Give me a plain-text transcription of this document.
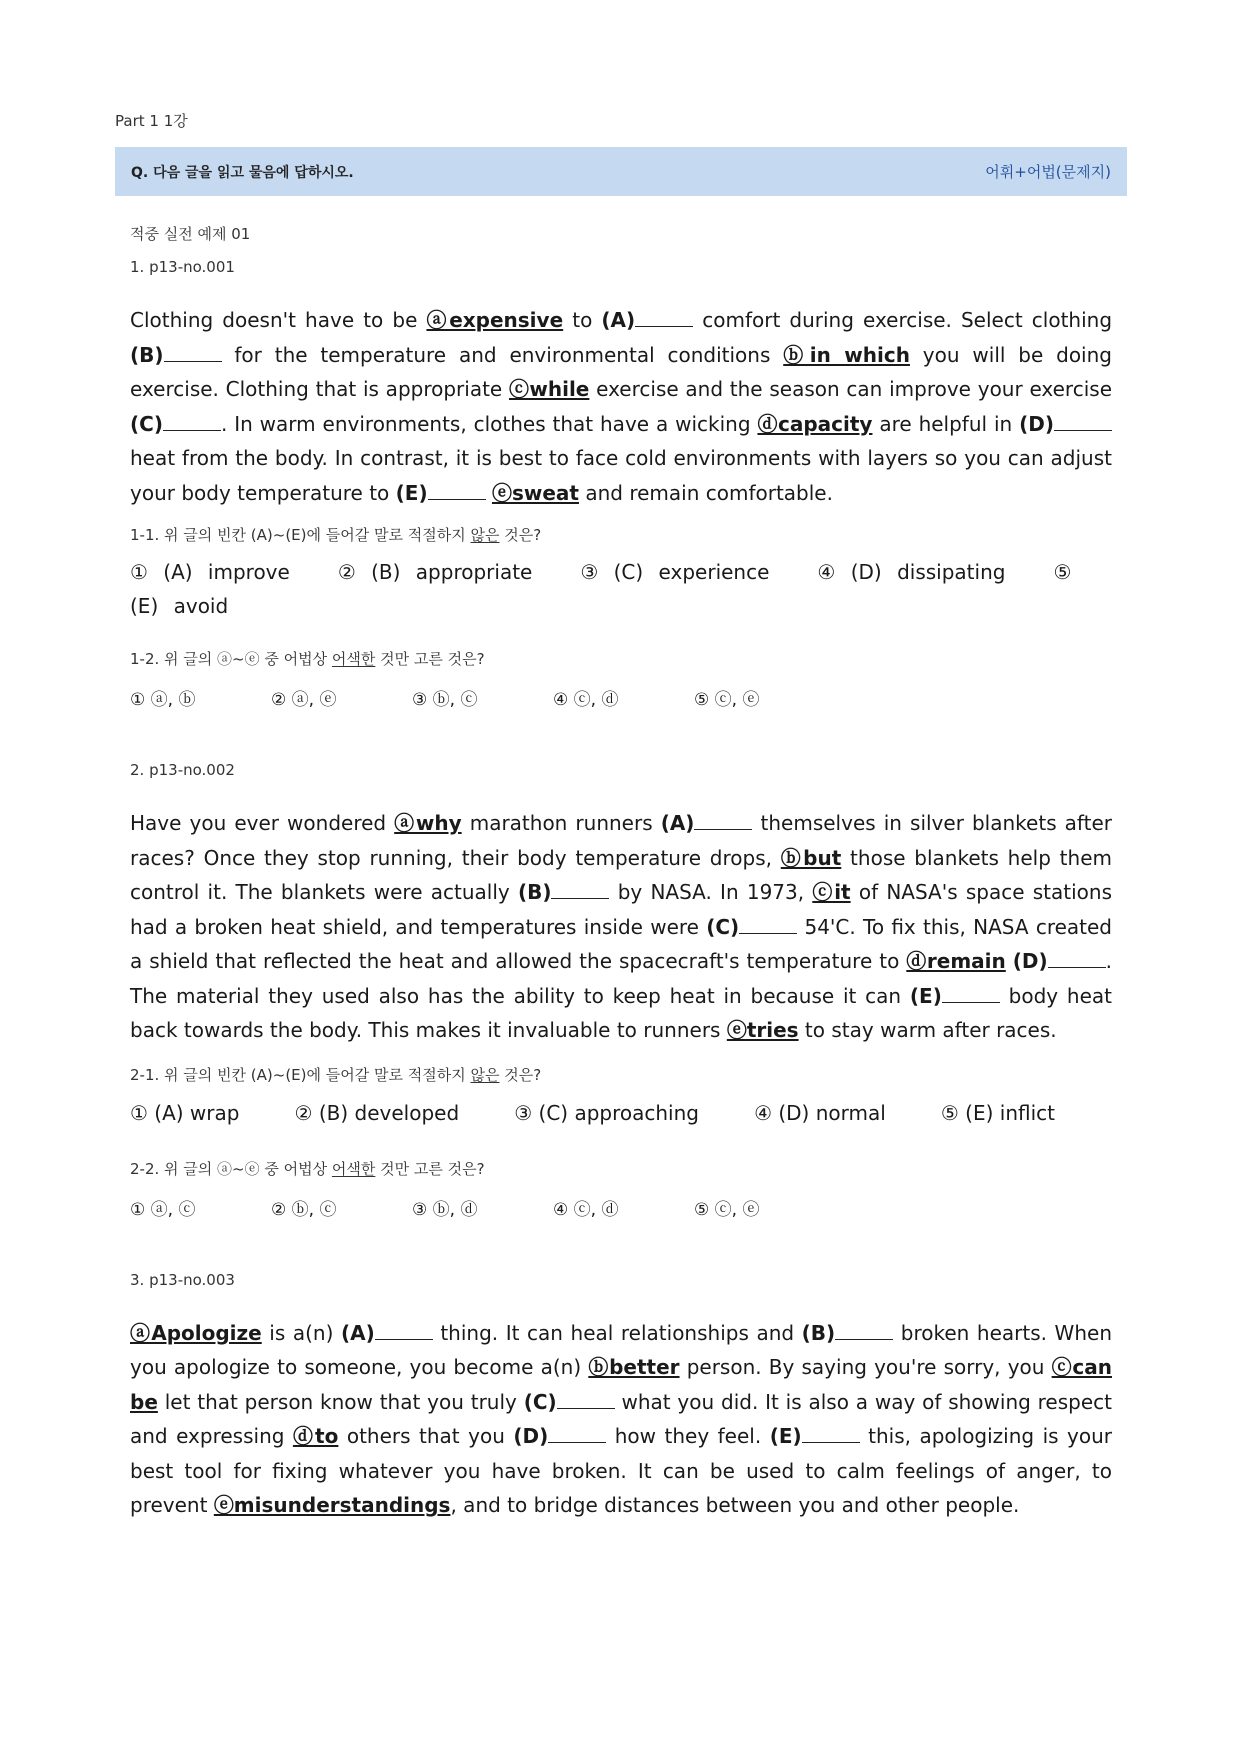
Part 1 1강
Q. 다음 글을 읽고 물음에 답하시오.	어휘+어법(문제지)

적중 실전 예제 01

1. p13-no.001

Clothing doesn't have to be ⓐexpensive to (A)	comfort during exercise. Select clothing (B)	for the temperature and environmental conditions ⓑin which you will be doing exercise. Clothing that is appropriate ⓒwhile exercise and the season can improve your exercise (C)	. In warm environments, clothes that have a wicking ⓓcapacity are helpful in (D) heat from the body. In contrast, it is best to face cold environments with layers so you can adjust your body temperature to (E)	ⓔsweat and remain comfortable.

1-1. 위 글의 빈칸 (A)~(E)에 들어갈 말로 적절하지 않은 것은?

① (A) improve ② (B) appropriate ③ (C) experience ④ (D) dissipating ⑤ (E) avoid

1-2. 위 글의 ⓐ~ⓔ 중 어법상 어색한 것만 고른 것은?

① ⓐ, ⓑ	② ⓐ, ⓔ	③ ⓑ, ⓒ	④ ⓒ, ⓓ	⑤ ⓒ, ⓔ

2. p13-no.002

Have you ever wondered ⓐwhy marathon runners (A)	themselves in silver blankets after races? Once they stop running, their body temperature drops, ⓑbut those blankets help them control it. The blankets were actually (B)	by NASA. In 1973, ⓒit of NASA's space stations had a broken heat shield, and temperatures inside were (C)	54'C. To fix this, NASA created a shield that reflected the heat and allowed the spacecraft's temperature to ⓓremain (D)	. The material they used also has the ability to keep heat in because it can (E)	body heat back towards the body. This makes it invaluable to runners ⓔtries to stay warm after races.

2-1. 위 글의 빈칸 (A)~(E)에 들어갈 말로 적절하지 않은 것은?

① (A) wrap	② (B) developed	③ (C) approaching	④ (D) normal	⑤ (E) inflict

2-2. 위 글의 ⓐ~ⓔ 중 어법상 어색한 것만 고른 것은?

① ⓐ, ⓒ	② ⓑ, ⓒ	③ ⓑ, ⓓ	④ ⓒ, ⓓ	⑤ ⓒ, ⓔ

3. p13-no.003

ⓐApologize is a(n) (A)	thing. It can heal relationships and (B)	broken hearts. When you apologize to someone, you become a(n) ⓑbetter person. By saying you're sorry, you ⓒcan be let that person know that you truly (C)	what you did. It is also a way of showing respect and expressing ⓓto others that you (D)	how they feel. (E)	this, apologizing is your best tool for fixing whatever you have broken. It can be used to calm feelings of anger, to prevent ⓔmisunderstandings, and to bridge distances between you and other people.
